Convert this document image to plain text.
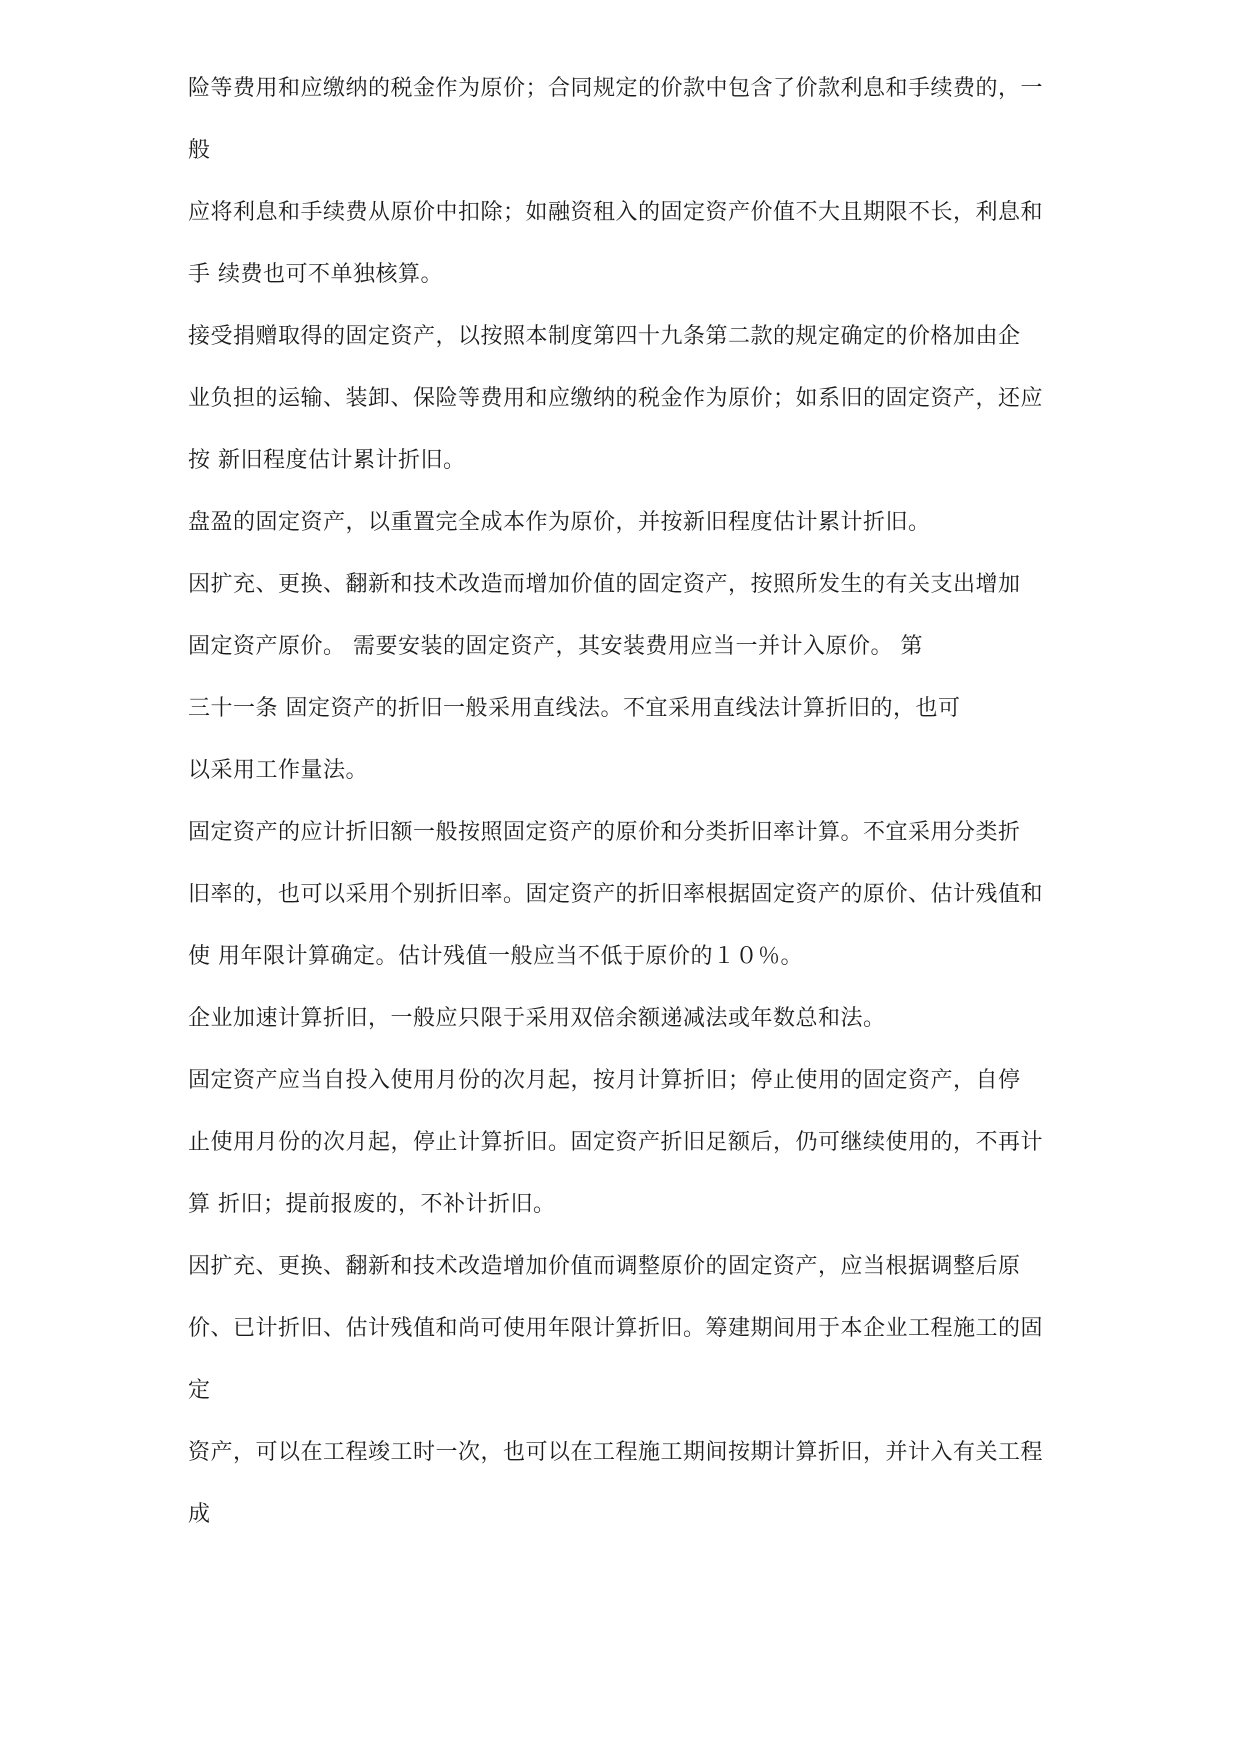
险等费用和应缴纳的税金作为原价；合同规定的价款中包含了价款利息和手续费的，一
般
应将利息和手续费从原价中扣除；如融资租入的固定资产价值不大且期限不长，利息和
手 续费也可不单独核算。
接受捐赠取得的固定资产，以按照本制度第四十九条第二款的规定确定的价格加由企
业负担的运输、装卸、保险等费用和应缴纳的税金作为原价；如系旧的固定资产，还应
按 新旧程度估计累计折旧。
盘盈的固定资产，以重置完全成本作为原价，并按新旧程度估计累计折旧。
因扩充、更换、翻新和技术改造而增加价值的固定资产，按照所发生的有关支出增加
固定资产原价。 需要安装的固定资产，其安装费用应当一并计入原价。 第
三十一条 固定资产的折旧一般采用直线法。不宜采用直线法计算折旧的，也可
以采用工作量法。
固定资产的应计折旧额一般按照固定资产的原价和分类折旧率计算。不宜采用分类折
旧率的，也可以采用个别折旧率。固定资产的折旧率根据固定资产的原价、估计残值和
使 用年限计算确定。估计残值一般应当不低于原价的１０％。
企业加速计算折旧，一般应只限于采用双倍余额递减法或年数总和法。
固定资产应当自投入使用月份的次月起，按月计算折旧；停止使用的固定资产，自停
止使用月份的次月起，停止计算折旧。固定资产折旧足额后，仍可继续使用的，不再计
算 折旧；提前报废的，不补计折旧。
因扩充、更换、翻新和技术改造增加价值而调整原价的固定资产，应当根据调整后原
价、已计折旧、估计残值和尚可使用年限计算折旧。筹建期间用于本企业工程施工的固
定
资产，可以在工程竣工时一次，也可以在工程施工期间按期计算折旧，并计入有关工程
成
